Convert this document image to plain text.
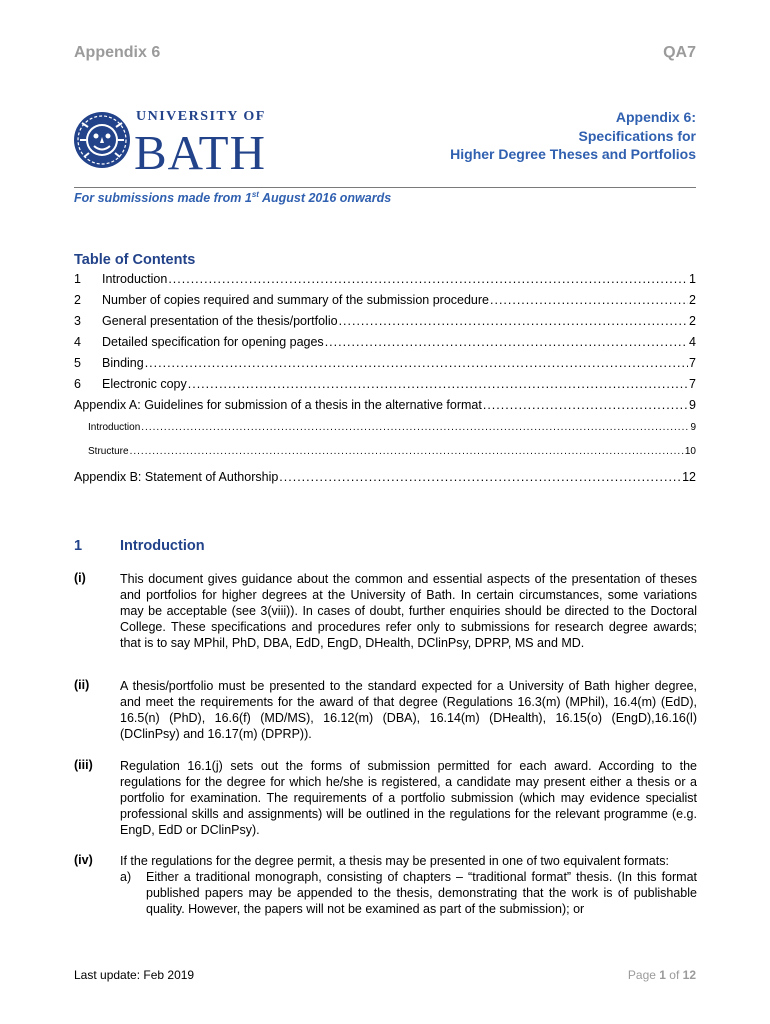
Appendix 6	QA7
UNIVERSITY OF
BATH
Appendix 6:
Specifications for
Higher Degree Theses and Portfolios
For submissions made from 1st August 2016 onwards
Table of Contents
1	Introduction .....	1
2	Number of copies required and summary of the submission procedure .....	2
3	General presentation of the thesis/portfolio .....	2
4	Detailed specification for opening pages .....	4
5	Binding .....	7
6	Electronic copy .....	7
Appendix A: Guidelines for submission of a thesis in the alternative format .....	9
Introduction .....	9
Structure .....	10
Appendix B: Statement of Authorship .....	12
1	Introduction
(i)	This document gives guidance about the common and essential aspects of the presentation of theses and portfolios for higher degrees at the University of Bath. In certain circumstances, some variations may be acceptable (see 3(viii)). In cases of doubt, further enquiries should be directed to the Doctoral College. These specifications and procedures refer only to submissions for research degree awards; that is to say MPhil, PhD, DBA, EdD, EngD, DHealth, DClinPsy, DPRP, MS and MD.
(ii) A thesis/portfolio must be presented to the standard expected for a University of Bath higher degree, and meet the requirements for the award of that degree (Regulations 16.3(m) (MPhil), 16.4(m) (EdD), 16.5(n) (PhD), 16.6(f) (MD/MS), 16.12(m) (DBA), 16.14(m) (DHealth), 16.15(o) (EngD),16.16(l) (DClinPsy) and 16.17(m) (DPRP)).
(iii) Regulation 16.1(j) sets out the forms of submission permitted for each award. According to the regulations for the degree for which he/she is registered, a candidate may present either a thesis or a portfolio for examination. The requirements of a portfolio submission (which may evidence specialist professional skills and assignments) will be outlined in the regulations for the relevant programme (e.g. EngD, EdD or DClinPsy).
(iv) If the regulations for the degree permit, a thesis may be presented in one of two equivalent formats:
a)	Either a traditional monograph, consisting of chapters – “traditional format” thesis. (In this format published papers may be appended to the thesis, demonstrating that the work is of publishable quality. However, the papers will not be examined as part of the submission); or
Last update: Feb 2019	Page 1 of 12
